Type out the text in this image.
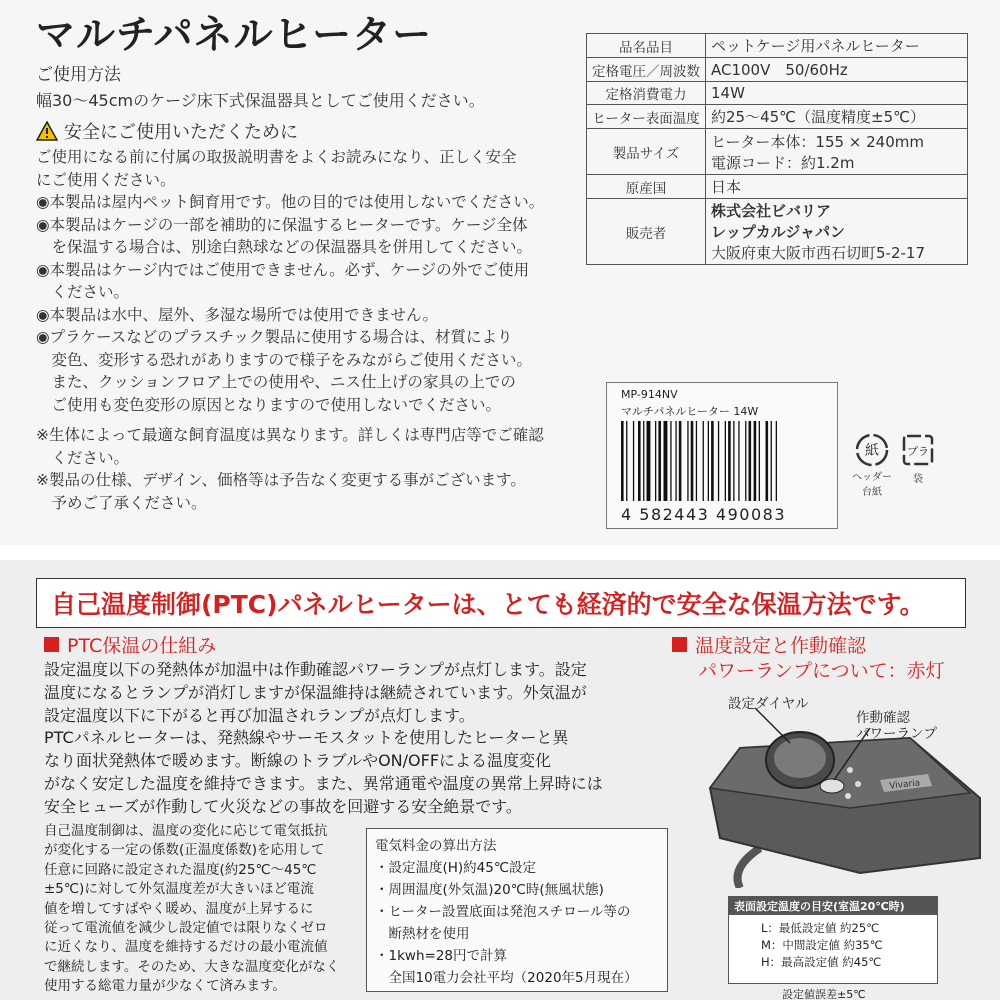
マルチパネルヒーター
ご使用方法
幅30～45cmのケージ床下式保温器具としてご使用ください。
安全にご使用いただくために

ご使用になる前に付属の取扱説明書をよくお読みになり、正しく安全

にご使用ください。

◉本製品は屋内ペット飼育用です。他の目的では使用しないでください。

◉本製品はケージの一部を補助的に保温するヒーターです。ケージ全体

　を保温する場合は、別途白熱球などの保温器具を併用してください。

◉本製品はケージ内ではご使用できません。必ず、ケージの外でご使用

　ください。

◉本製品は水中、屋外、多湿な場所では使用できません。

◉プラケースなどのプラスチック製品に使用する場合は、材質により

　変色、変形する恐れがありますので様子をみながらご使用ください。

　また、クッションフロア上での使用や、ニス仕上げの家具の上での

　ご使用も変色変形の原因となりますので使用しないでください。

※生体によって最適な飼育温度は異なります。詳しくは専門店等でご確認

　ください。

※製品の仕様、デザイン、価格等は予告なく変更する事がございます。

　予めご了承ください。

品名品目	ペットケージ用パネルヒーター
定格電圧／周波数	AC100V　50/60Hz
定格消費電力	14W
ヒーター表面温度	約25～45℃（温度精度±5℃）
製品サイズ	ヒーター本体：155 × 240mm
電源コード：約1.2m

原産国	日本
販売者	株式会社ビバリア
レップカルジャパン
大阪府東大阪市西石切町5-2-17
MP-914NV
マルチパネルヒーター 14W
4 582443 490083
紙
ヘッダー
台紙
プラ
袋
自己温度制御(PTC)パネルヒーターは、とても経済的で安全な保温方法です。
PTC保温の仕組み
設定温度以下の発熱体が加温中は作動確認パワーランプが点灯します。設定
温度になるとランプが消灯しますが保温維持は継続されています。外気温が
設定温度以下に下がると再び加温されランプが点灯します。
PTCパネルヒーターは、発熱線やサーモスタットを使用したヒーターと異
なり面状発熱体で暖めます。断線のトラブルやON/OFFによる温度変化
がなく安定した温度を維持できます。また、異常通電や温度の異常上昇時には
安全ヒューズが作動して火災などの事故を回避する安全絶景です。
自己温度制御は、温度の変化に応じて電気抵抗
が変化する一定の係数(正温度係数)を応用して
任意に回路に設定された温度(約25℃～45℃
±5℃)に対して外気温度差が大きいほど電流
値を増してすばやく暖め、温度が上昇するに
従って電流値を減少し設定値では限りなくゼロ
に近くなり、温度を維持するだけの最小電流値
で継続します。そのため、大きな温度変化がなく
使用する総電力量が少なくて済みます。
電気料金の算出方法
・設定温度(H)約45℃設定
・周囲温度(外気温)20℃時(無風状態)
・ヒーター設置底面は発泡スチロール等の
　断熱材を使用
・1kwh=28円で計算
　全国10電力会社平均（2020年5月現在）
温度設定と作動確認
パワーランプについて：赤灯
Vivaria
設定ダイヤル
作動確認
パワーランプ
表面設定温度の目安(室温20℃時)
L：最低設定値 約25℃
M：中間設定値 約35℃
H：最高設定値 約45℃
設定値誤差±5℃
